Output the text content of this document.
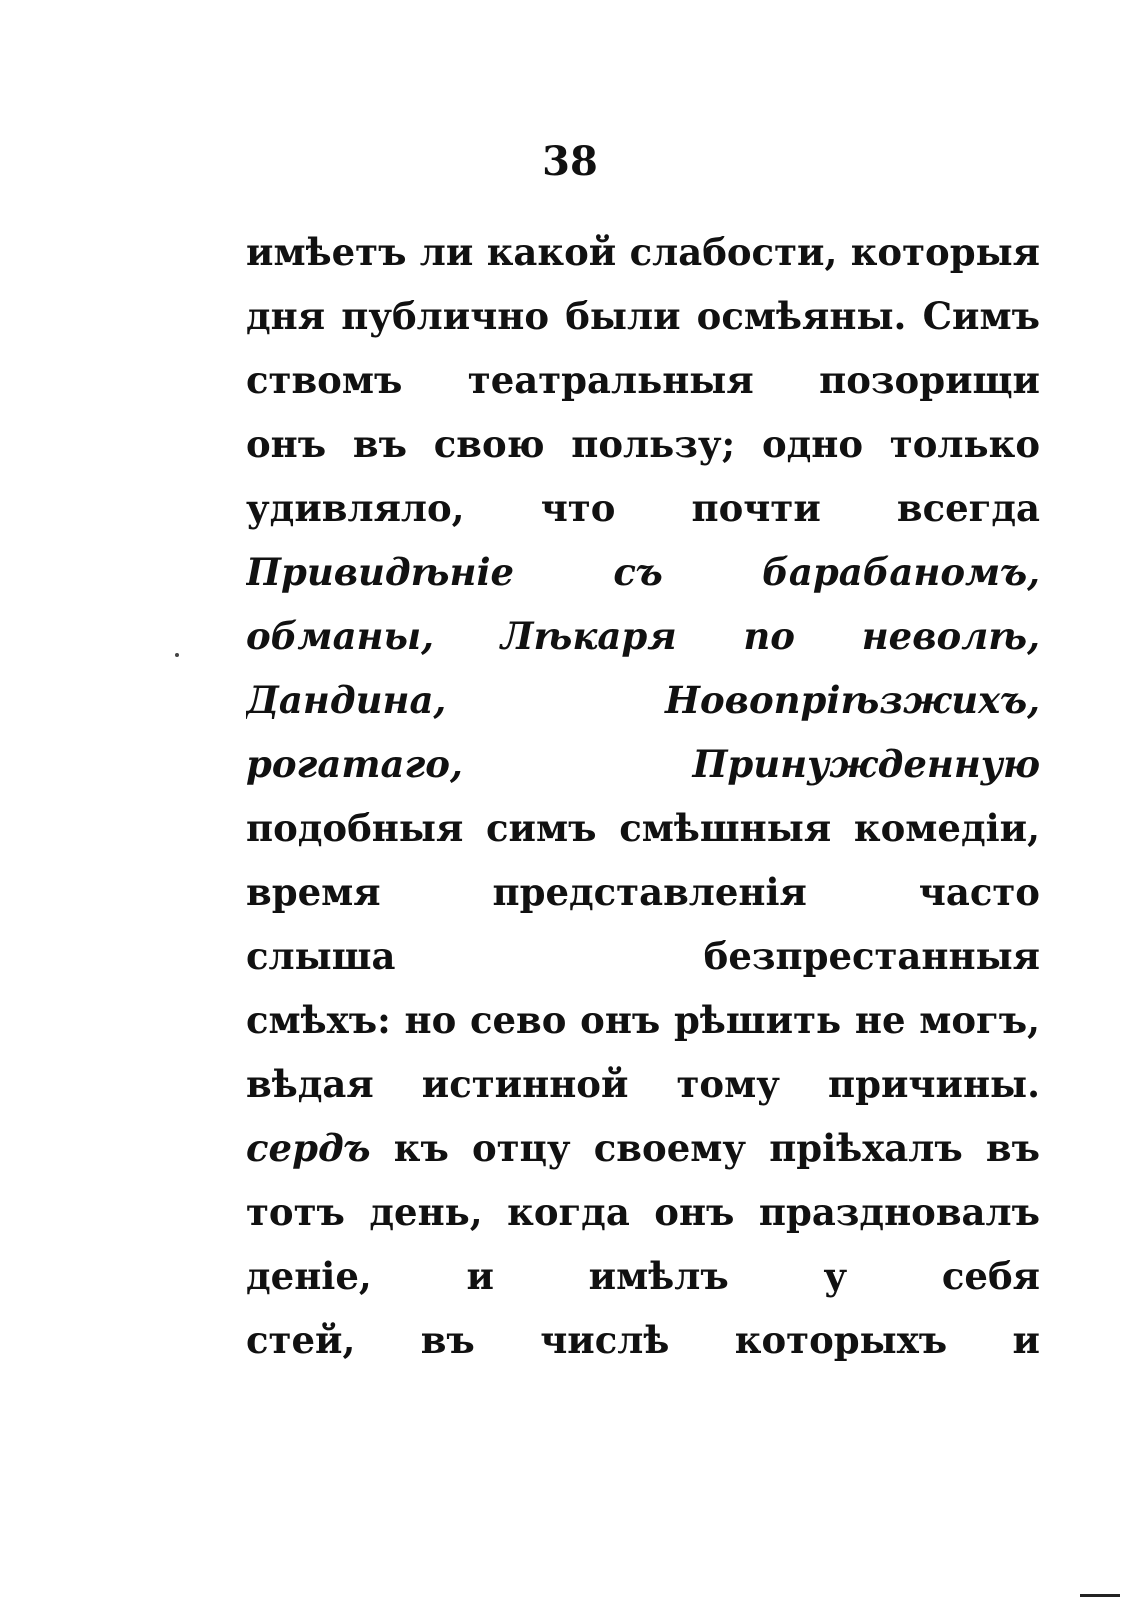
38
имѣетъ ли какой слабости, которыя
дня публично были осмѣяны. Симъ
ствомъ театральныя позорищи
онъ въ свою пользу; одно только
удивляло, что почти всегда
Привидѣніе съ барабаномъ,
обманы, Лѣкаря по неволѣ,
Дандина, Новопріѣзжихъ,
рогатаго, Принужденную
подобныя симъ смѣшныя комедіи,
время представленія часто
слыша безпрестанныя
смѣхъ: но сево онъ рѣшить не могъ,
вѣдая истинной тому причины.
сердъ къ отцу своему пріѣхалъ въ
тотъ день, когда онъ праздновалъ
деніе, и имѣлъ у себя
стей, въ числѣ которыхъ и
